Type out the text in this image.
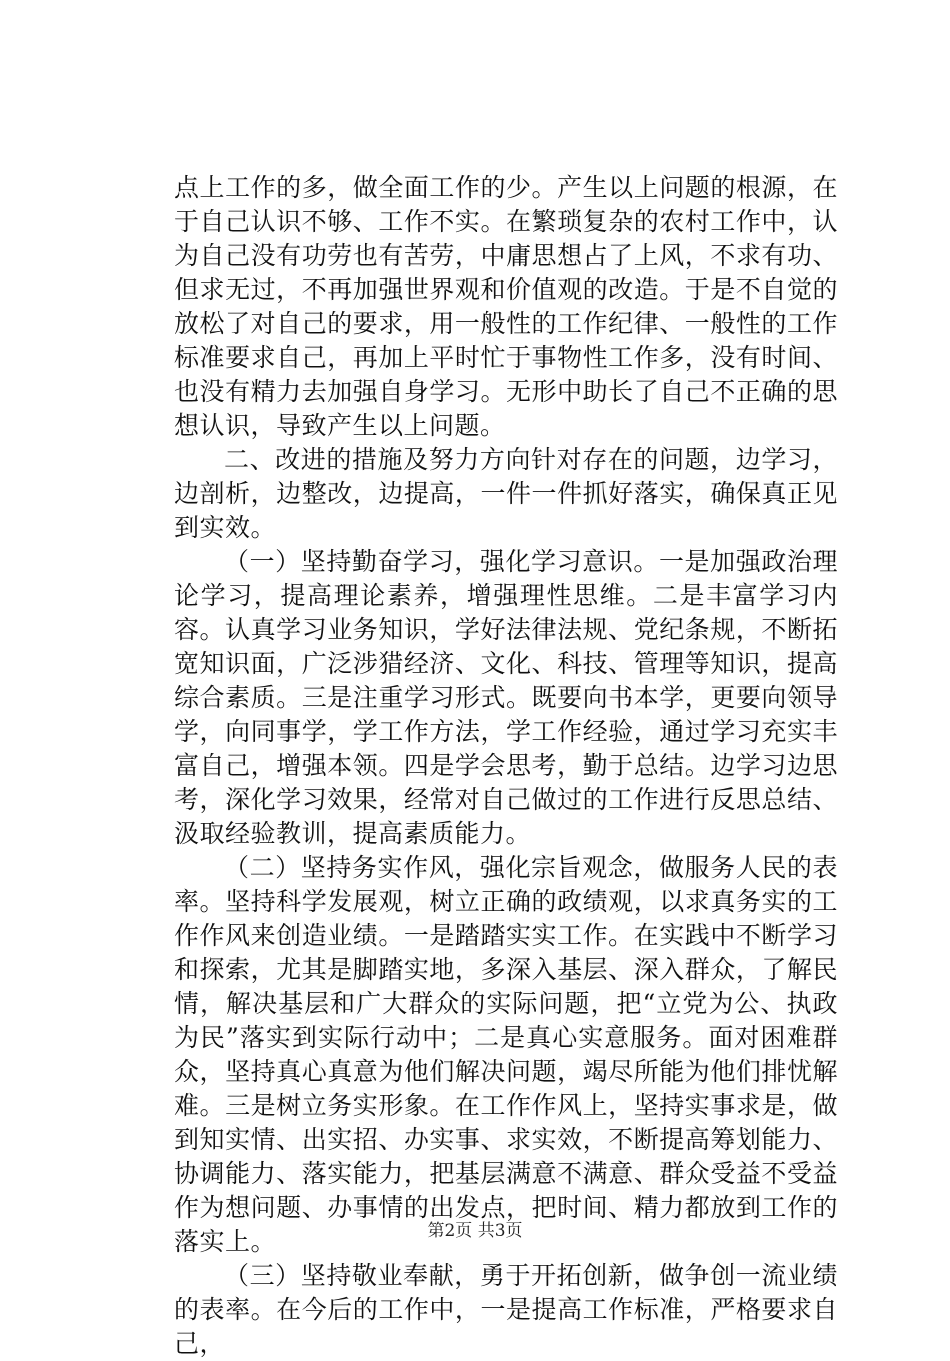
点上工作的多，做全面工作的少。产生以上问题的根源，在于自己认识不够、工作不实。在繁琐复杂的农村工作中，认为自己没有功劳也有苦劳，中庸思想占了上风，不求有功、但求无过，不再加强世界观和价值观的改造。于是不自觉的放松了对自己的要求，用一般性的工作纪律、一般性的工作标准要求自己，再加上平时忙于事物性工作多，没有时间、也没有精力去加强自身学习。无形中助长了自己不正确的思想认识，导致产生以上问题。

二、改进的措施及努力方向针对存在的问题，边学习，边剖析，边整改，边提高，一件一件抓好落实，确保真正见到实效。

（一）坚持勤奋学习，强化学习意识。一是加强政治理论学习，提高理论素养，增强理性思维。二是丰富学习内容。认真学习业务知识，学好法律法规、党纪条规，不断拓宽知识面，广泛涉猎经济、文化、科技、管理等知识，提高综合素质。三是注重学习形式。既要向书本学，更要向领导学，向同事学，学工作方法，学工作经验，通过学习充实丰富自己，增强本领。四是学会思考，勤于总结。边学习边思考，深化学习效果，经常对自己做过的工作进行反思总结、汲取经验教训，提高素质能力。

（二）坚持务实作风，强化宗旨观念，做服务人民的表率。坚持科学发展观，树立正确的政绩观，以求真务实的工作作风来创造业绩。一是踏踏实实工作。在实践中不断学习和探索，尤其是脚踏实地，多深入基层、深入群众，了解民情，解决基层和广大群众的实际问题，把“立党为公、执政为民”落实到实际行动中；二是真心实意服务。面对困难群众，坚持真心真意为他们解决问题，竭尽所能为他们排忧解难。三是树立务实形象。在工作作风上，坚持实事求是，做到知实情、出实招、办实事、求实效，不断提高筹划能力、协调能力、落实能力，把基层满意不满意、群众受益不受益作为想问题、办事情的出发点，把时间、精力都放到工作的落实上。

（三）坚持敬业奉献，勇于开拓创新，做争创一流业绩的表率。在今后的工作中，一是提高工作标准，严格要求自己，

第2页 共3页
